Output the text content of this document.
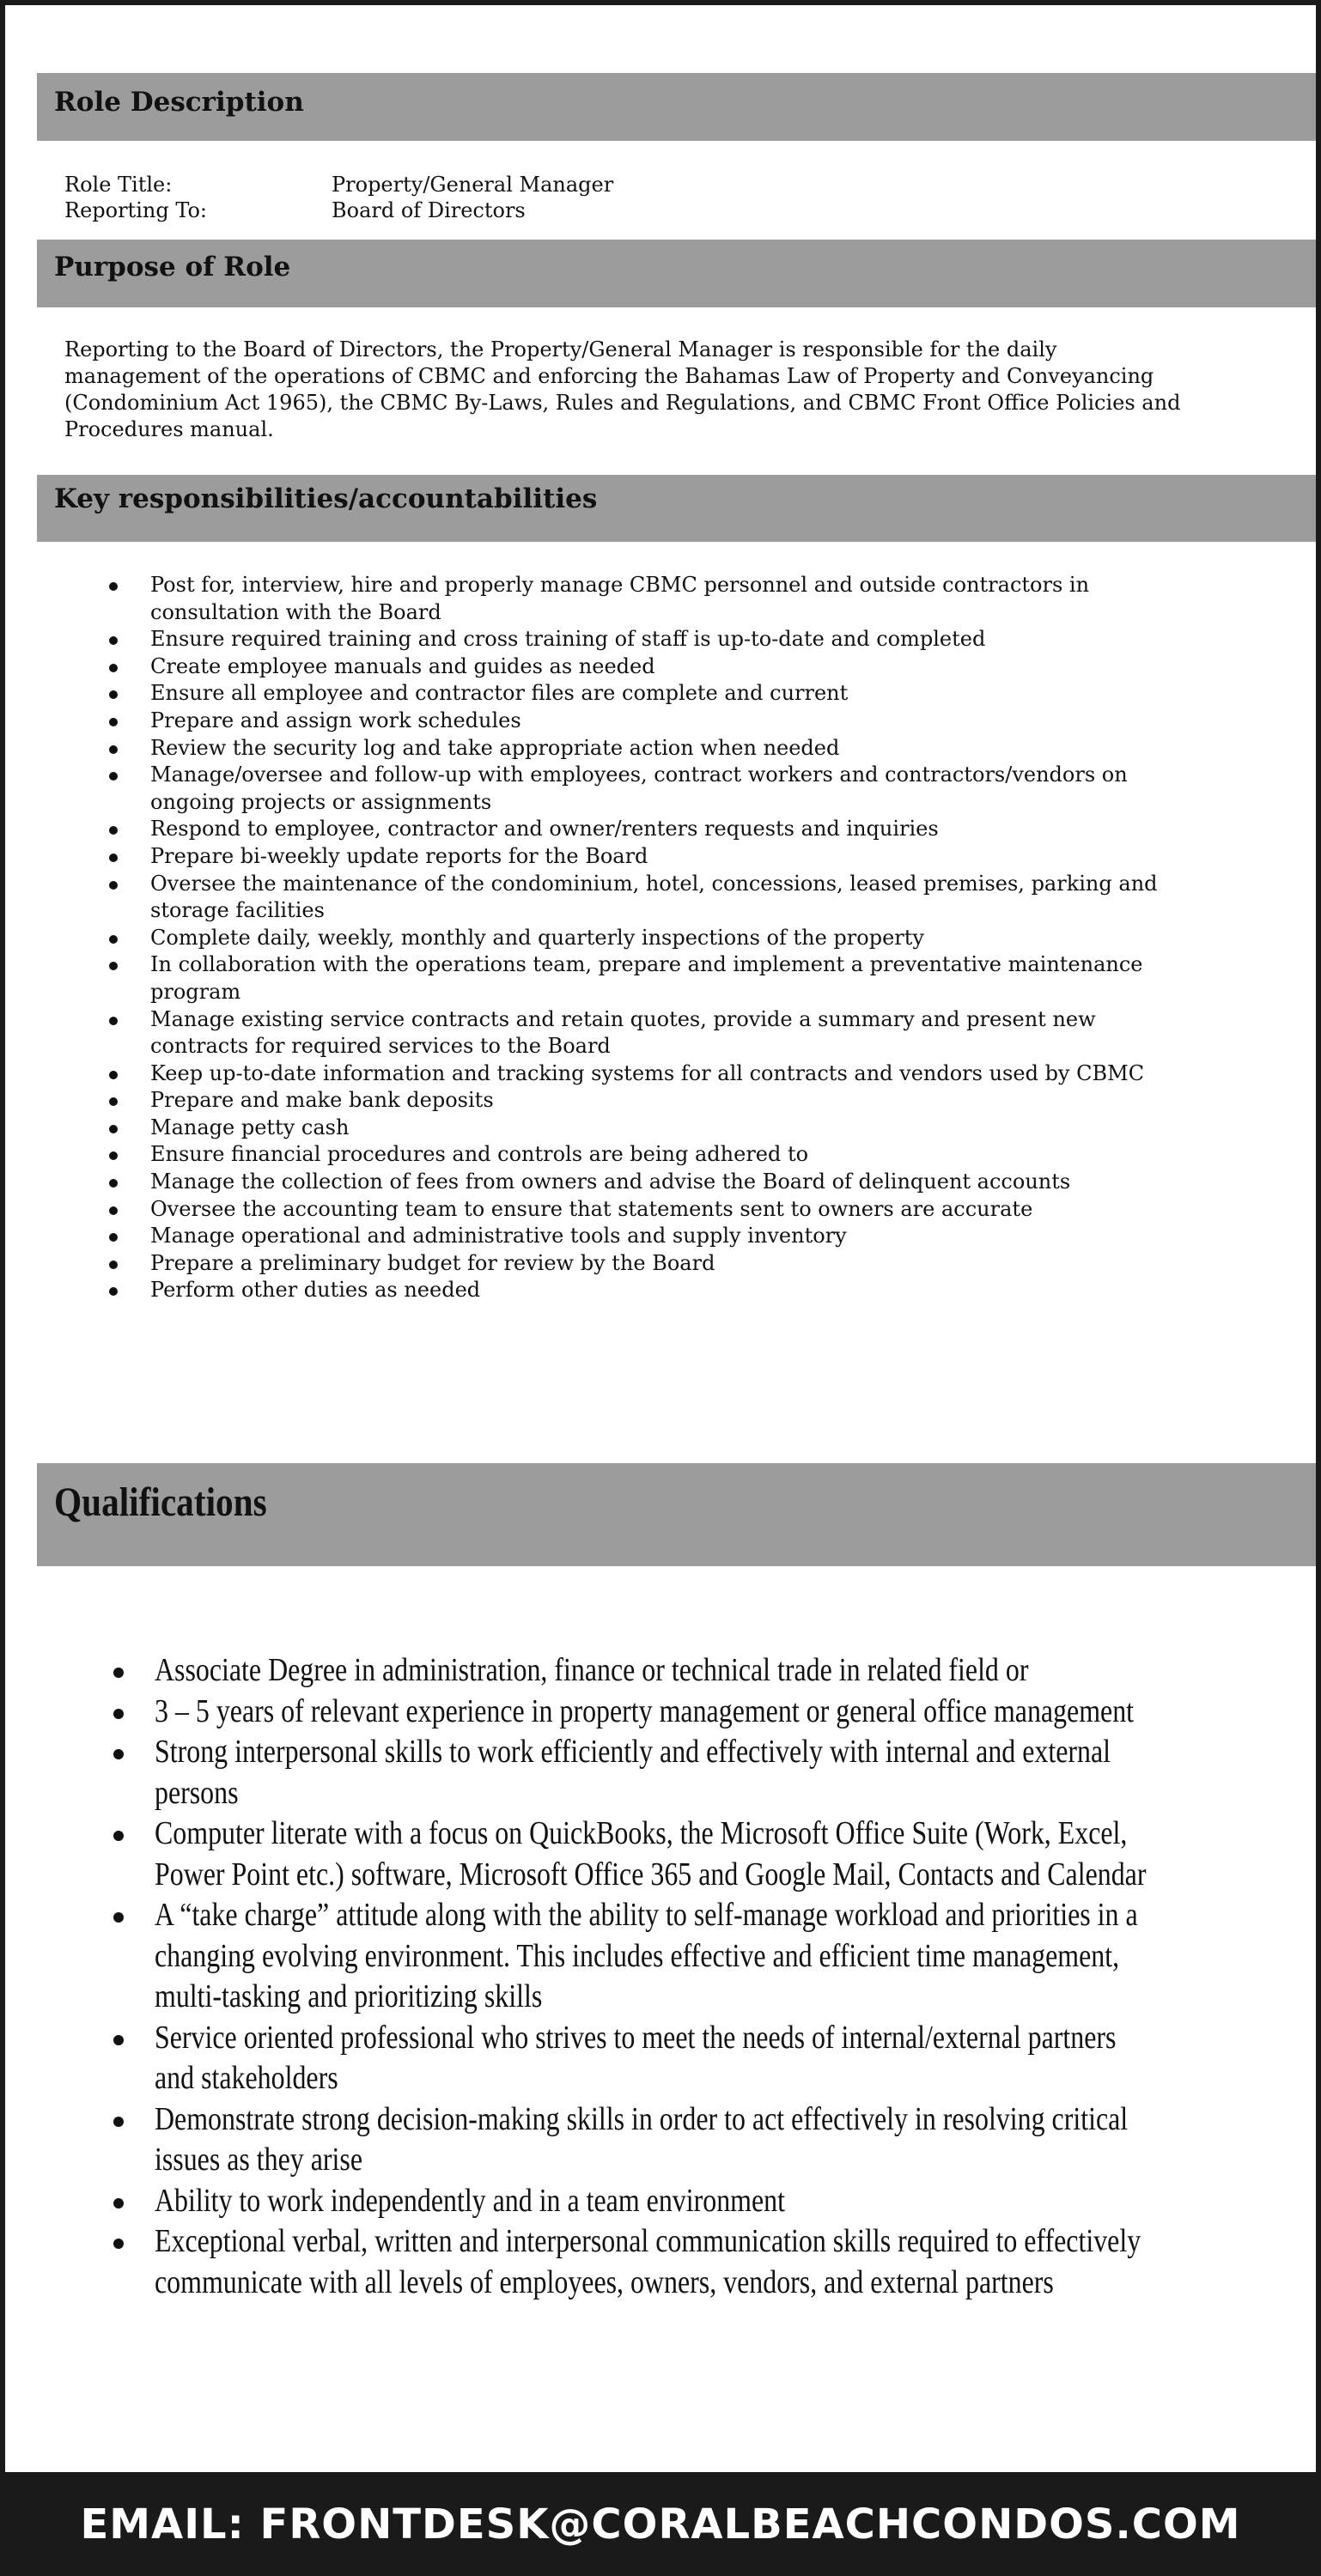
Role Description
Role Title:	Property/General Manager
Reporting To:	Board of Directors
Purpose of Role
Reporting to the Board of Directors, the Property/General Manager is responsible for the daily management of the operations of CBMC and enforcing the Bahamas Law of Property and Conveyancing (Condominium Act 1965), the CBMC By-Laws, Rules and Regulations, and CBMC Front Office Policies and Procedures manual.
Key responsibilities/accountabilities
Post for, interview, hire and properly manage CBMC personnel and outside contractors in consultation with the Board
Ensure required training and cross training of staff is up-to-date and completed
Create employee manuals and guides as needed
Ensure all employee and contractor files are complete and current
Prepare and assign work schedules
Review the security log and take appropriate action when needed
Manage/oversee and follow-up with employees, contract workers and contractors/vendors on ongoing projects or assignments
Respond to employee, contractor and owner/renters requests and inquiries
Prepare bi-weekly update reports for the Board
Oversee the maintenance of the condominium, hotel, concessions, leased premises, parking and storage facilities
Complete daily, weekly, monthly and quarterly inspections of the property
In collaboration with the operations team, prepare and implement a preventative maintenance program
Manage existing service contracts and retain quotes, provide a summary and present new contracts for required services to the Board
Keep up-to-date information and tracking systems for all contracts and vendors used by CBMC
Prepare and make bank deposits
Manage petty cash
Ensure financial procedures and controls are being adhered to
Manage the collection of fees from owners and advise the Board of delinquent accounts
Oversee the accounting team to ensure that statements sent to owners are accurate
Manage operational and administrative tools and supply inventory
Prepare a preliminary budget for review by the Board
Perform other duties as needed
Qualifications
Associate Degree in administration, finance or technical trade in related field or
3 – 5 years of relevant experience in property management or general office management
Strong interpersonal skills to work efficiently and effectively with internal and external persons
Computer literate with a focus on QuickBooks, the Microsoft Office Suite (Work, Excel, Power Point etc.) software, Microsoft Office 365 and Google Mail, Contacts and Calendar
A “take charge” attitude along with the ability to self-manage workload and priorities in a changing evolving environment. This includes effective and efficient time management, multi-tasking and prioritizing skills
Service oriented professional who strives to meet the needs of internal/external partners and stakeholders
Demonstrate strong decision-making skills in order to act effectively in resolving critical issues as they arise
Ability to work independently and in a team environment
Exceptional verbal, written and interpersonal communication skills required to effectively communicate with all levels of employees, owners, vendors, and external partners
EMAIL: FRONTDESK@CORALBEACHCONDOS.COM
